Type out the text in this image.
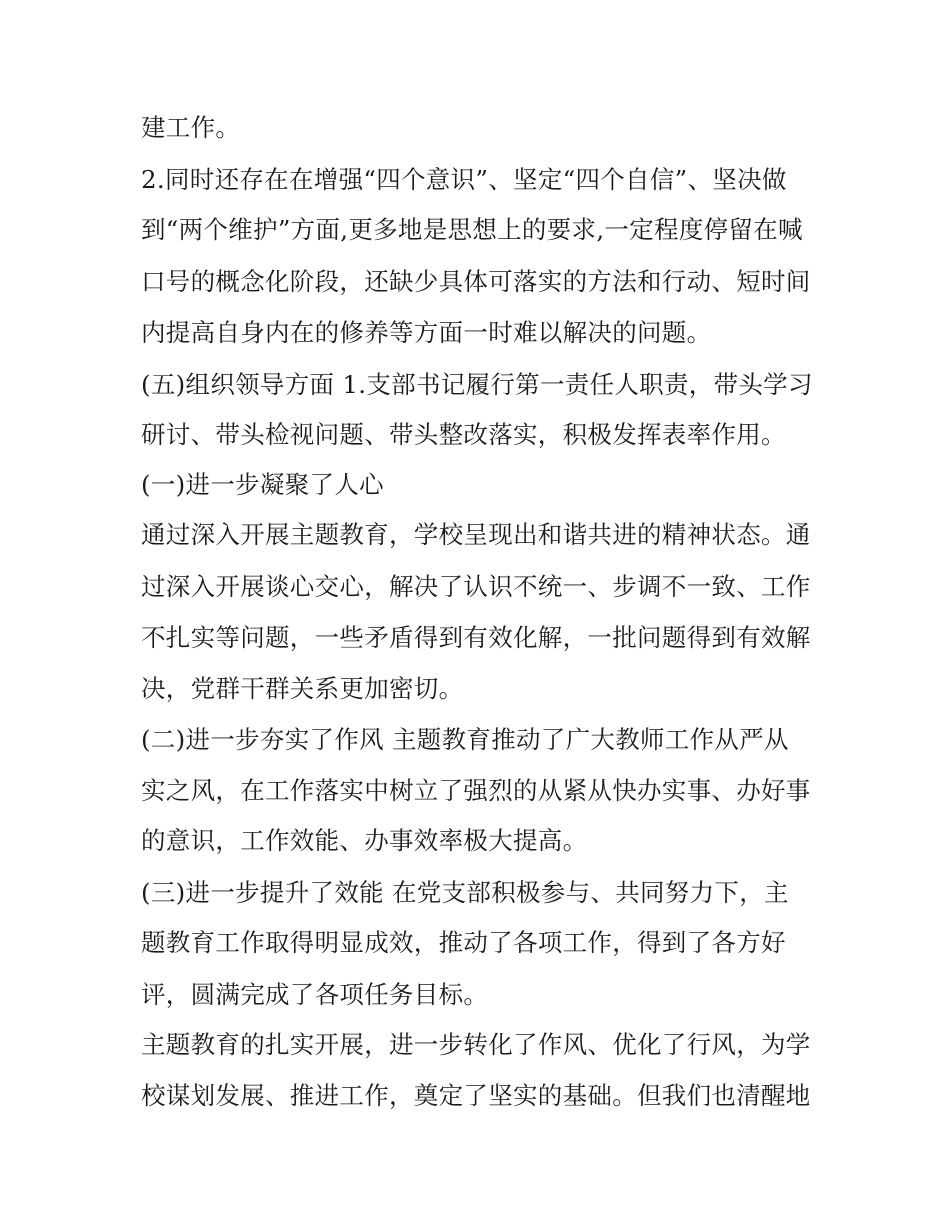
建工作。
2.同时还存在在增强“四个意识”、坚定“四个自信”、坚决做
到“两个维护”方面,更多地是思想上的要求,一定程度停留在喊
口号的概念化阶段，还缺少具体可落实的方法和行动、短时间
内提高自身内在的修养等方面一时难以解决的问题。
(五)组织领导方面 1.支部书记履行第一责任人职责，带头学习
研讨、带头检视问题、带头整改落实，积极发挥表率作用。
(一)进一步凝聚了人心
通过深入开展主题教育，学校呈现出和谐共进的精神状态。通
过深入开展谈心交心，解决了认识不统一、步调不一致、工作
不扎实等问题，一些矛盾得到有效化解，一批问题得到有效解
决，党群干群关系更加密切。
(二)进一步夯实了作风 主题教育推动了广大教师工作从严从
实之风，在工作落实中树立了强烈的从紧从快办实事、办好事
的意识，工作效能、办事效率极大提高。
(三)进一步提升了效能 在党支部积极参与、共同努力下，主
题教育工作取得明显成效，推动了各项工作，得到了各方好
评，圆满完成了各项任务目标。
主题教育的扎实开展，进一步转化了作风、优化了行风，为学
校谋划发展、推进工作，奠定了坚实的基础。但我们也清醒地
